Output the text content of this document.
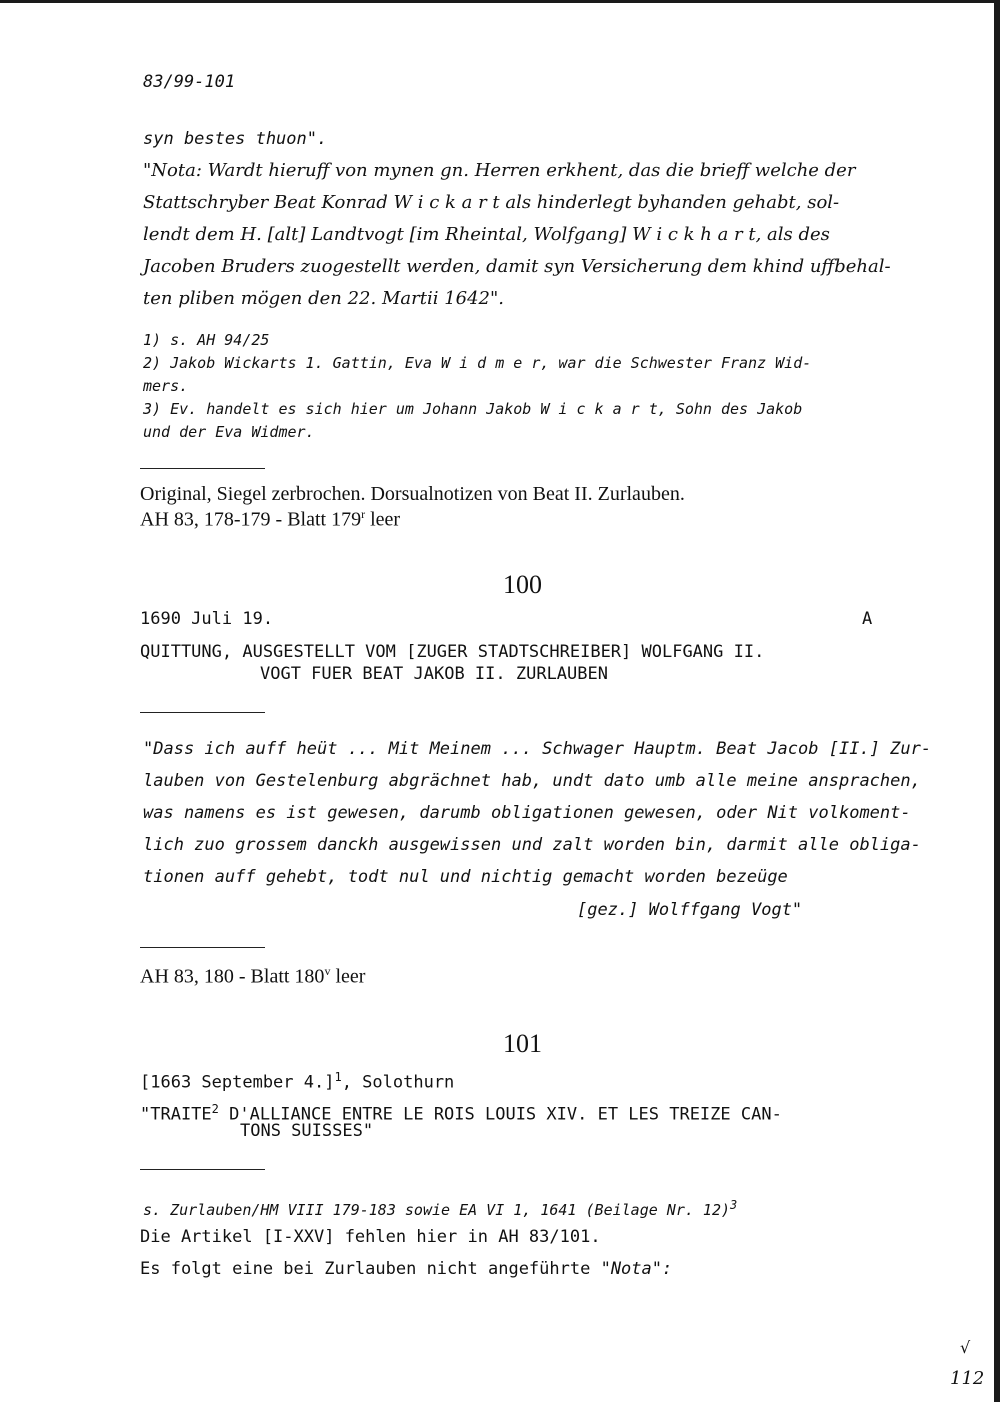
83/99-101
syn bestes thuon".
"Nota: Wardt hieruff von mynen gn. Herren erkhent, das die brieff welche der
Stattschryber Beat Konrad W i c k a r t als hinderlegt byhanden gehabt, sol-
lendt dem H. [alt] Landtvogt [im Rheintal, Wolfgang] W i c k h a r t, als des
Jacoben Bruders zuogestellt werden, damit syn Versicherung dem khind uffbehal-
ten pliben mögen den 22. Martii 1642".
1) s. AH 94/25
2) Jakob Wickarts 1. Gattin, Eva W i d m e r, war die Schwester Franz Wid-
mers.
3) Ev. handelt es sich hier um Johann Jakob W i c k a r t, Sohn des Jakob
und der Eva Widmer.
Original, Siegel zerbrochen. Dorsualnotizen von Beat II. Zurlauben.
AH 83, 178-179 - Blatt 179$^r$ leer
100
1690 Juli 19.	A
QUITTUNG, AUSGESTELLT VOM [ZUGER STADTSCHREIBER] WOLFGANG II.
VOGT FUER BEAT JAKOB II. ZURLAUBEN
"Dass ich auff heüt ... Mit Meinem ... Schwager Hauptm. Beat Jacob [II.] Zur-
lauben von Gestelenburg abgrächnet hab, undt dato umb alle meine ansprachen,
was namens es ist gewesen, darumb obligationen gewesen, oder Nit volkoment-
lich zuo grossem danckh ausgewissen und zalt worden bin, darmit alle obliga-
tionen auff gehebt, todt nul und nichtig gemacht worden bezeüge
[gez.] Wolffgang Vogt"
AH 83, 180 - Blatt 180$^v$ leer
101
[1663 September 4.]$^1$, Solothurn
"TRAITE$^2$ D'ALLIANCE ENTRE LE ROIS LOUIS XIV. ET LES TREIZE CAN-
TONS SUISSES"
s. Zurlauben/HM VIII 179-183 sowie EA VI 1, 1641 (Beilage Nr. 12)$^3$
Die Artikel [I-XXV] fehlen hier in AH 83/101.
Es folgt eine bei Zurlauben nicht angeführte "Nota":
√
112
